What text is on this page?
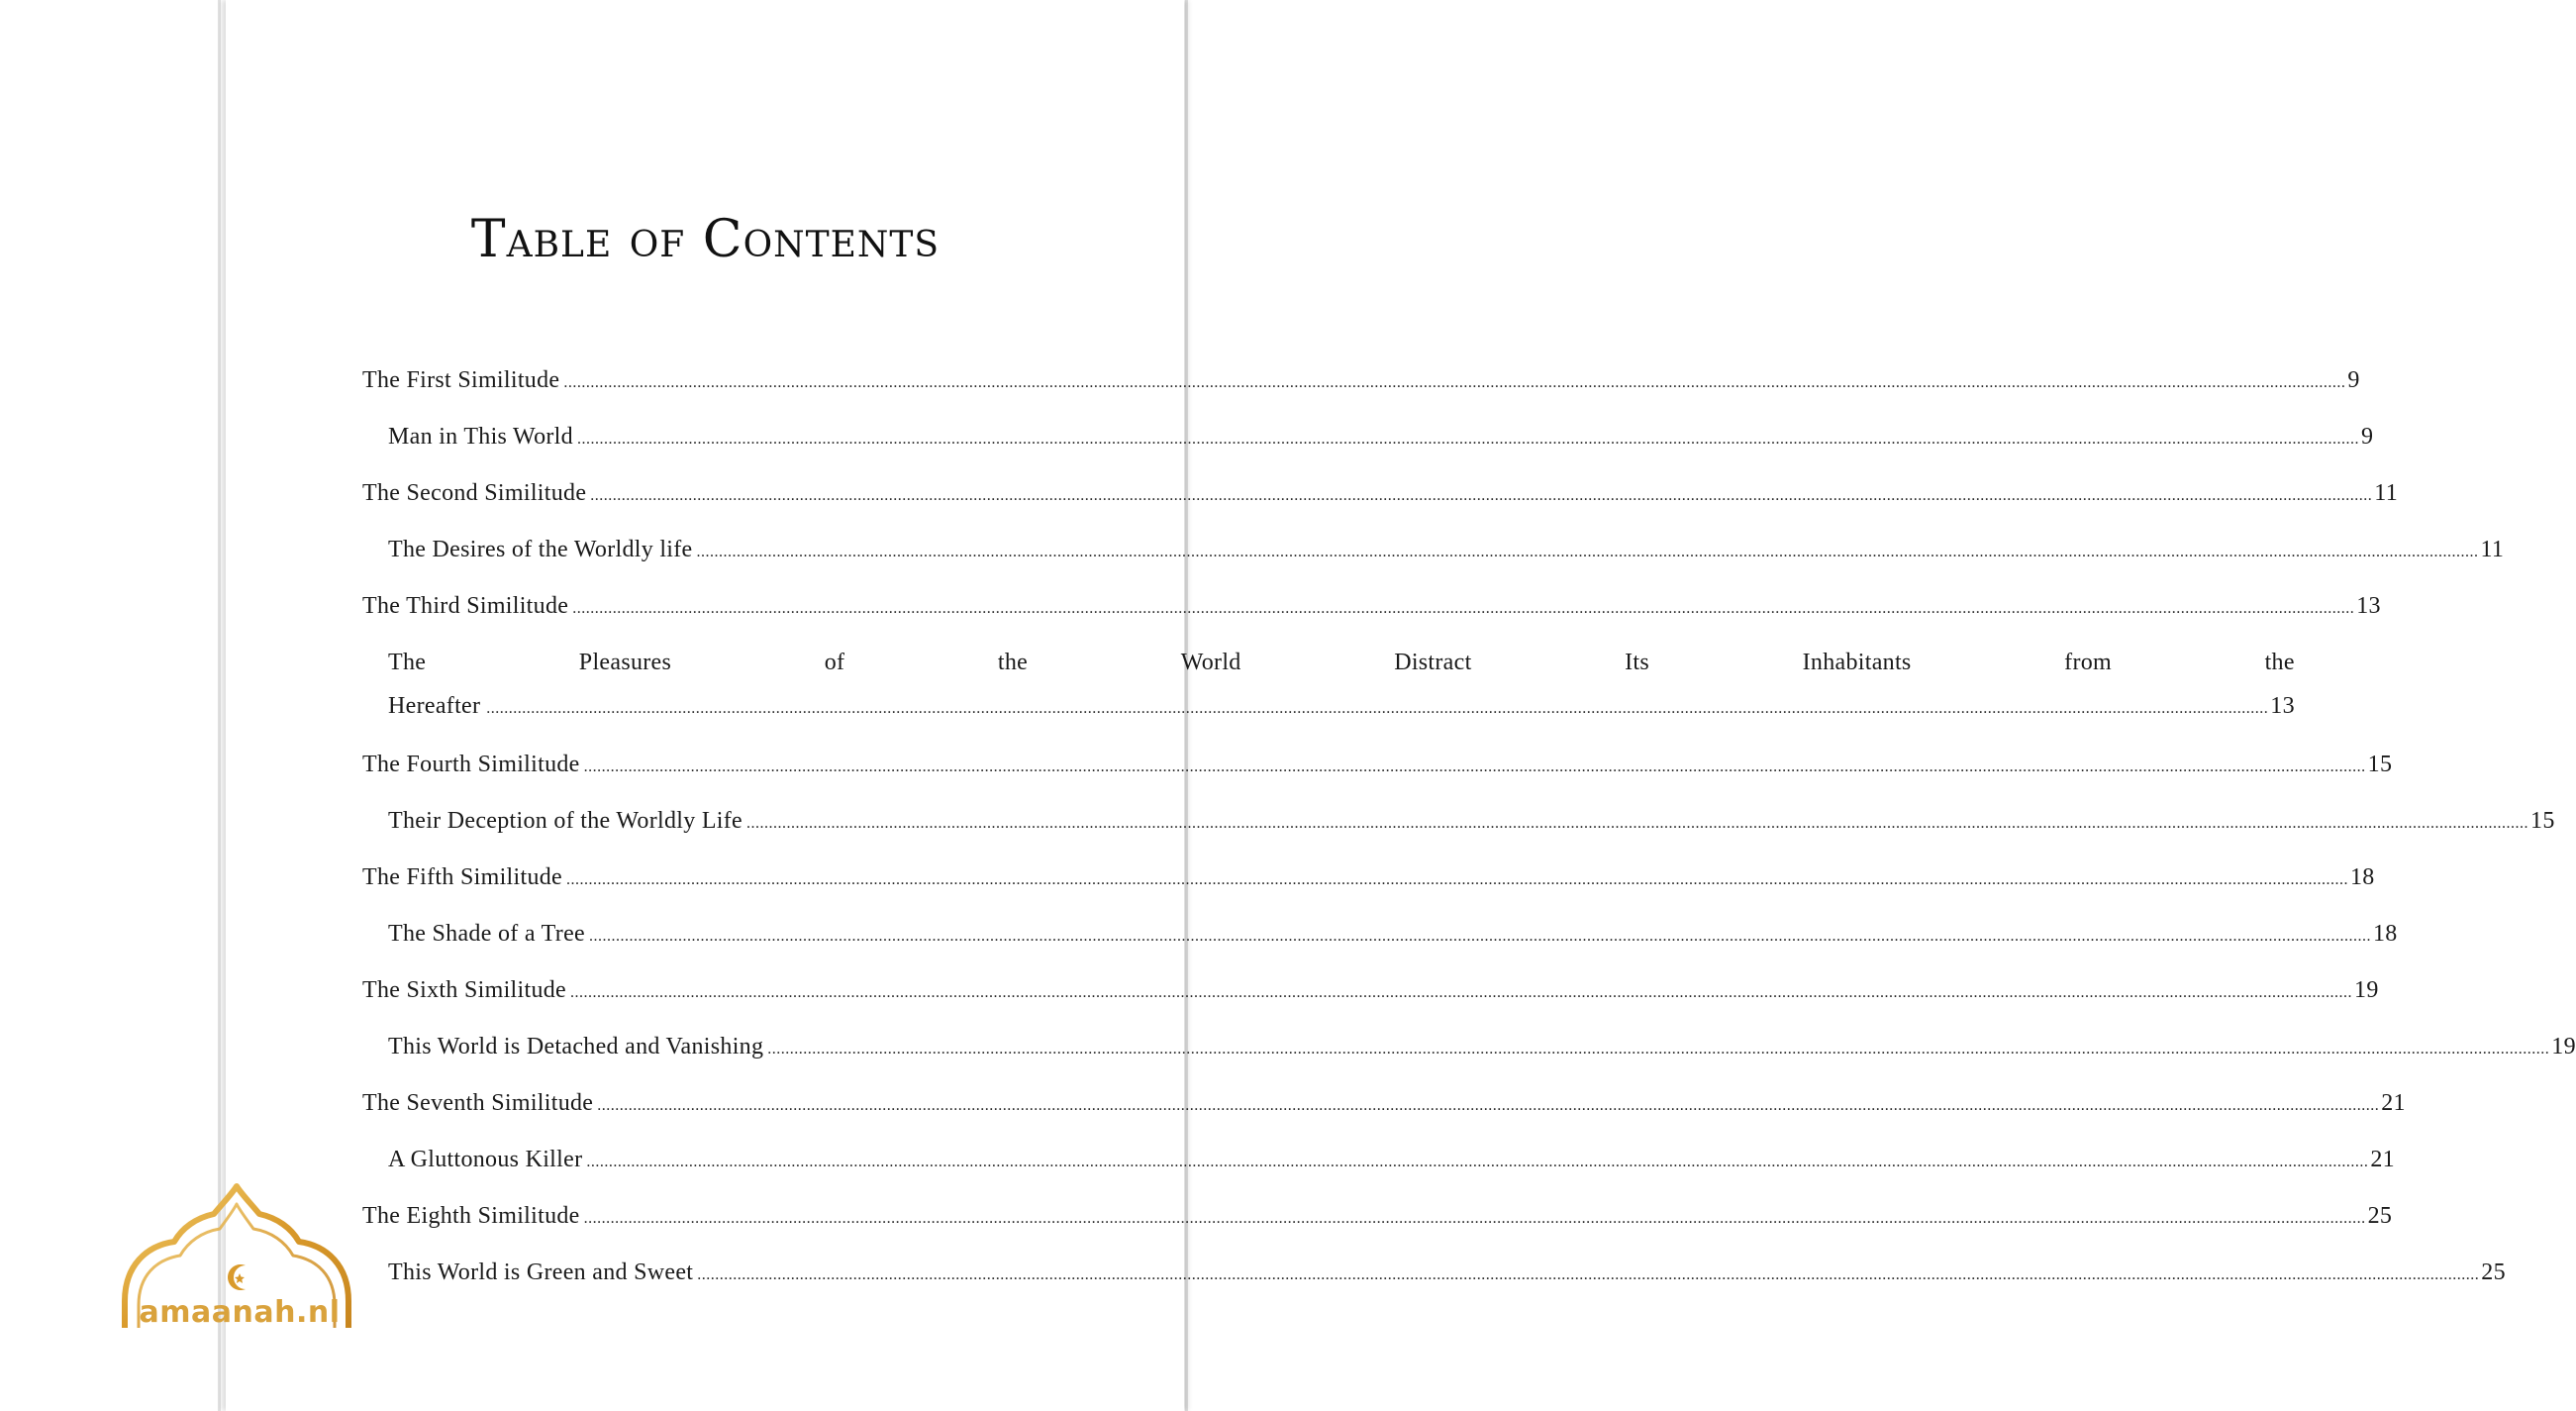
Table of Contents
The First Similitude ................................................................................................................................................................................................................................................................................................................................................................................................................ 9
Man in This World ................................................................................................................................................................................................................................................................................................................................................................................................................ 9
The Second Similitude ................................................................................................................................................................................................................................................................................................................................................................................................................ 11
The Desires of the Worldly life ................................................................................................................................................................................................................................................................................................................................................................................................................ 11
The Third Similitude ................................................................................................................................................................................................................................................................................................................................................................................................................ 13
The	Pleasures	of	the	World	Distract	Its	Inhabitants	from	the
Hereafter ................................................................................................................................................................................................................................................................................................................................................................................................................ 13
The Fourth Similitude ................................................................................................................................................................................................................................................................................................................................................................................................................ 15
Their Deception of the Worldly Life ................................................................................................................................................................................................................................................................................................................................................................................................................ 15
The Fifth Similitude ................................................................................................................................................................................................................................................................................................................................................................................................................ 18
The Shade of a Tree ................................................................................................................................................................................................................................................................................................................................................................................................................ 18
The Sixth Similitude ................................................................................................................................................................................................................................................................................................................................................................................................................ 19
This World is Detached and Vanishing ................................................................................................................................................................................................................................................................................................................................................................................................................ 19
The Seventh Similitude ................................................................................................................................................................................................................................................................................................................................................................................................................ 21
A Gluttonous Killer ................................................................................................................................................................................................................................................................................................................................................................................................................ 21
The Eighth Similitude ................................................................................................................................................................................................................................................................................................................................................................................................................ 25
This World is Green and Sweet ................................................................................................................................................................................................................................................................................................................................................................................................................ 25
amaanah.nl
